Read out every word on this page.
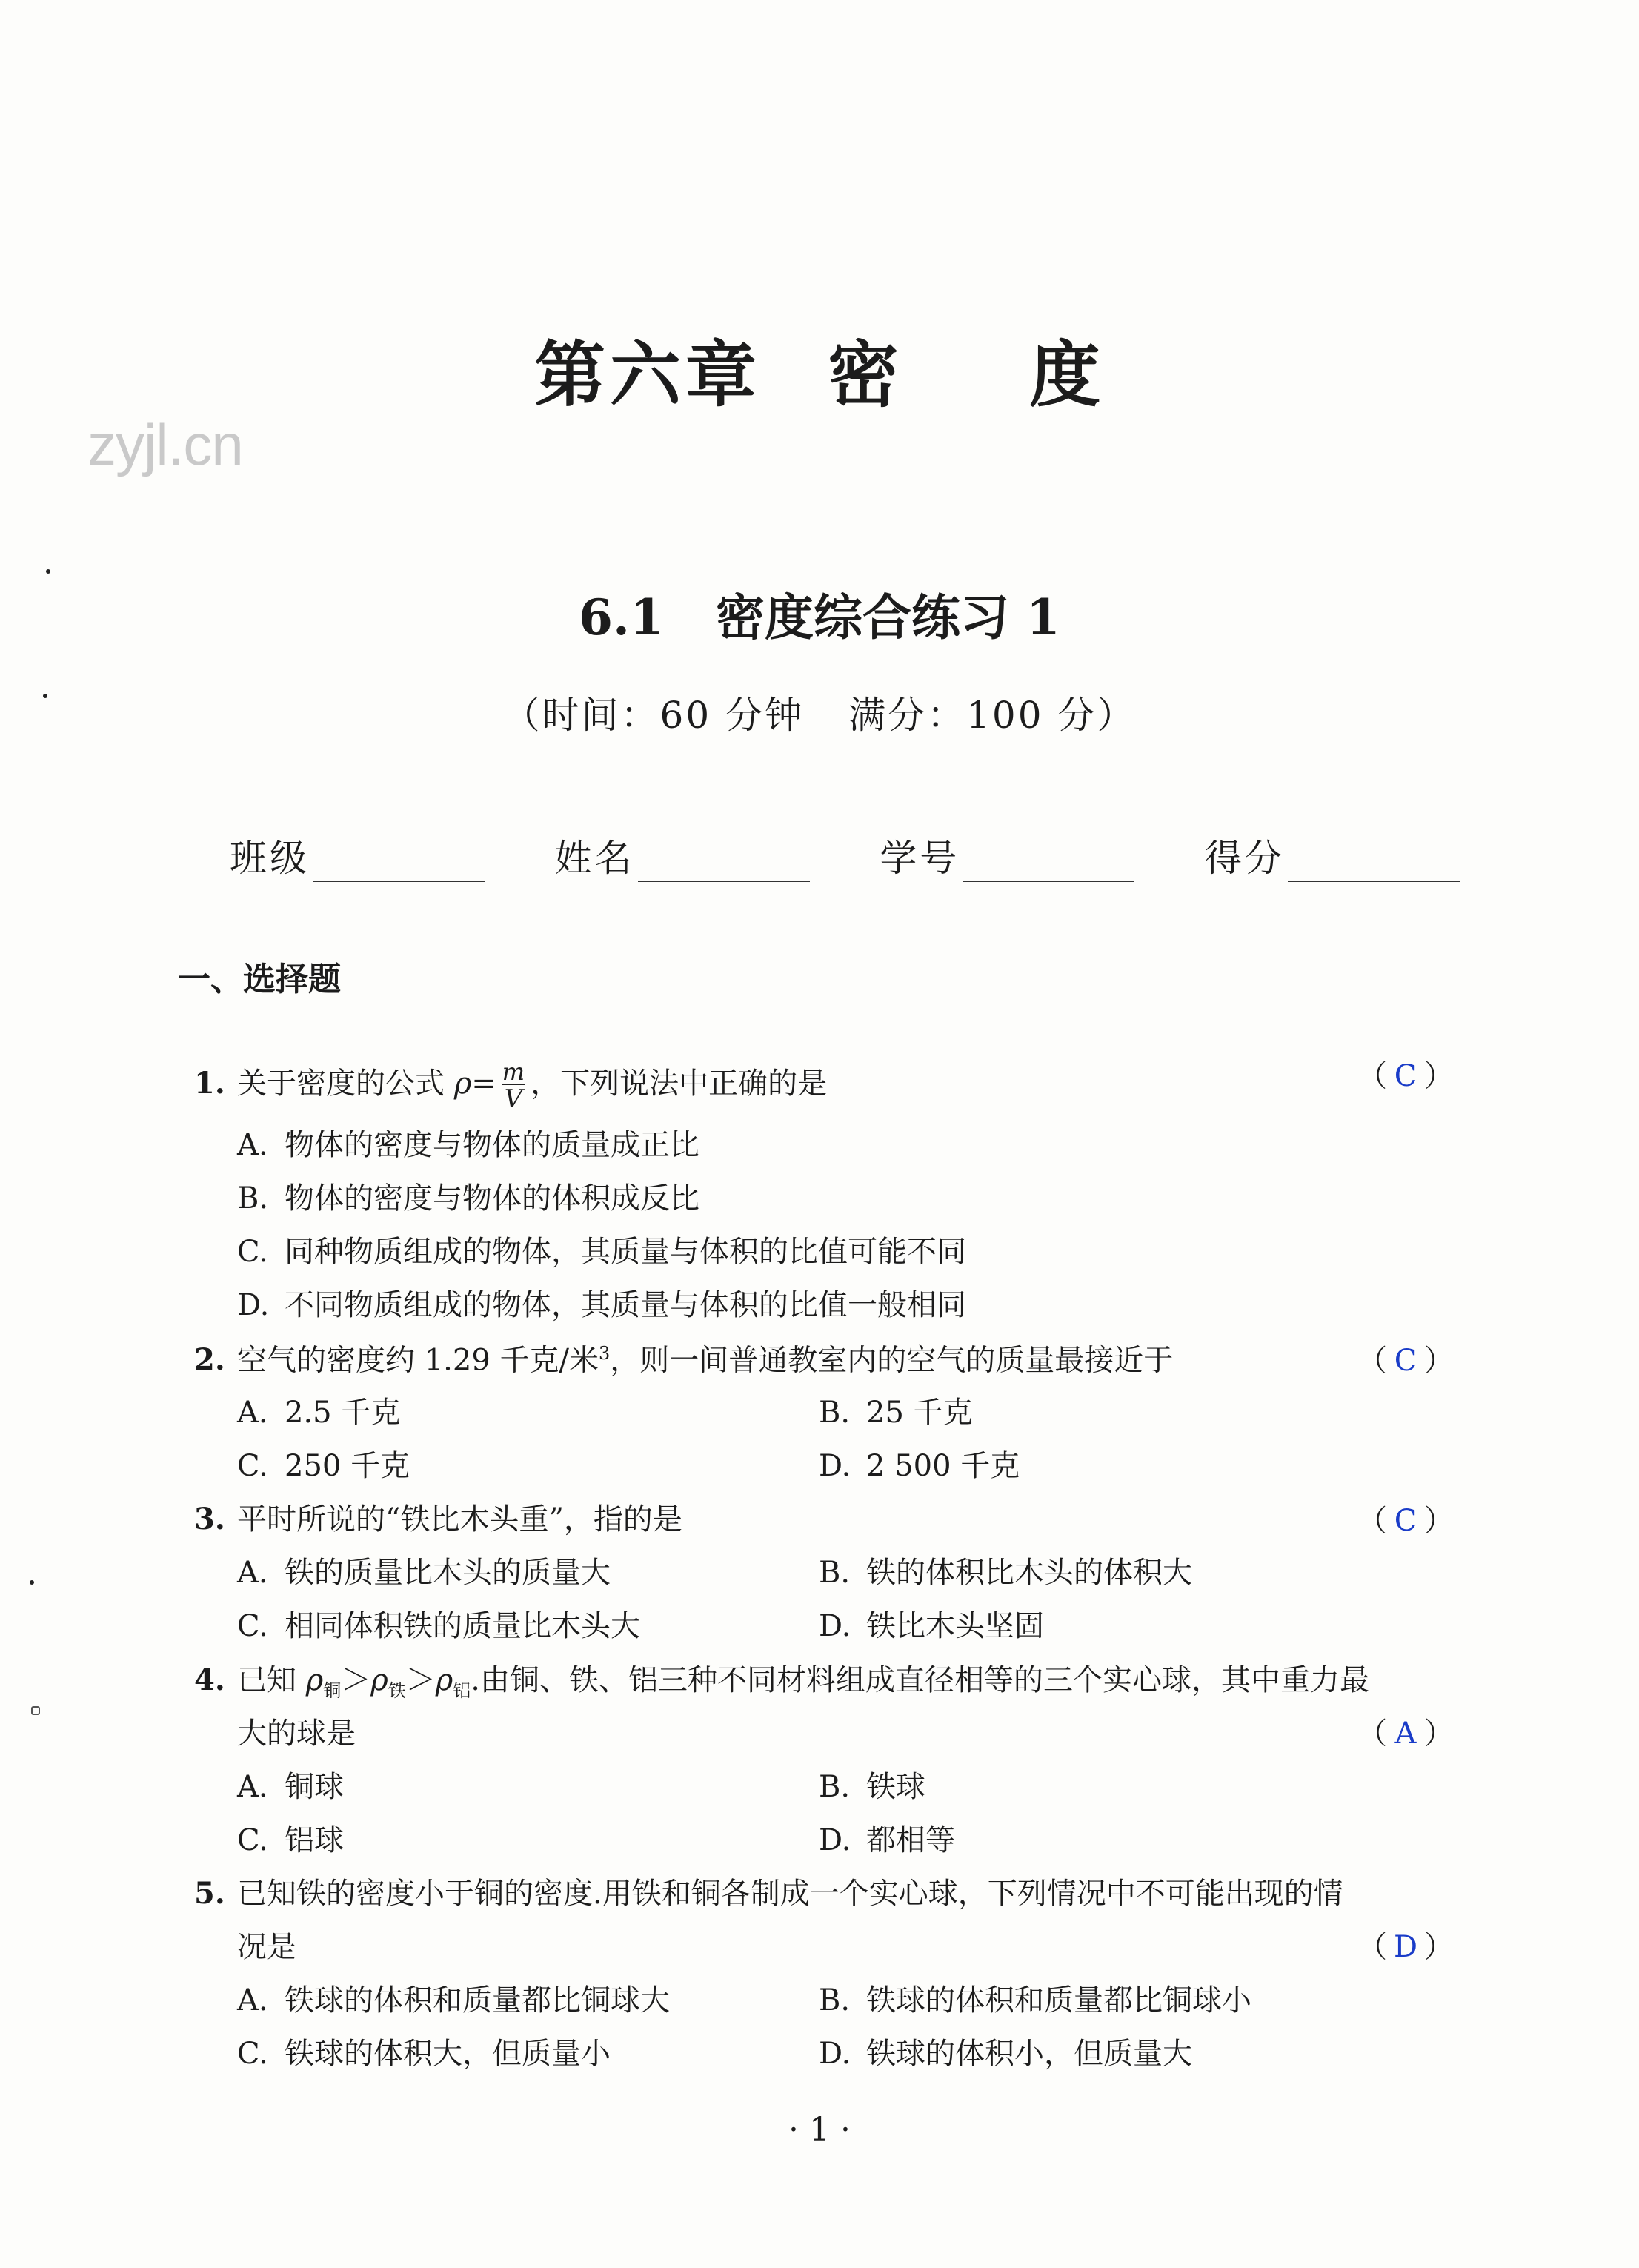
zyjl.cn
第六章 密 度
6.1 密度综合练习 1
（时间：60 分钟 满分：100 分）
班级	姓名	学号	得分
一、选择题
1. 关于密度的公式 $\rho= \frac{m}{V}$ ，下列说法中正确的是	（ C ）
A. 物体的密度与物体的质量成正比
B. 物体的密度与物体的体积成反比
C. 同种物质组成的物体，其质量与体积的比值可能不同
D. 不同物质组成的物体，其质量与体积的比值一般相同
2. 空气的密度约 1.29 千克/米$^3$，则一间普通教室内的空气的质量最接近于	（ C ）
A. 2.5 千克	B. 25 千克
C. 250 千克	D. 2 500 千克
3. 平时所说的“铁比木头重”，指的是	（ C ）
A. 铁的质量比木头的质量大	B. 铁的体积比木头的体积大
C. 相同体积铁的质量比木头大	D. 铁比木头坚固
4. 已知 $\rho_铜>\rho_铁>\rho_铝$.由铜、铁、铝三种不同材料组成直径相等的三个实心球，其中重力最
大的球是	（ A ）
A. 铜球	B. 铁球
C. 铝球	D. 都相等
5. 已知铁的密度小于铜的密度.用铁和铜各制成一个实心球，下列情况中不可能出现的情
况是	（ D ）
A. 铁球的体积和质量都比铜球大	B. 铁球的体积和质量都比铜球小
C. 铁球的体积大，但质量小	D. 铁球的体积小，但质量大
· 1 ·
